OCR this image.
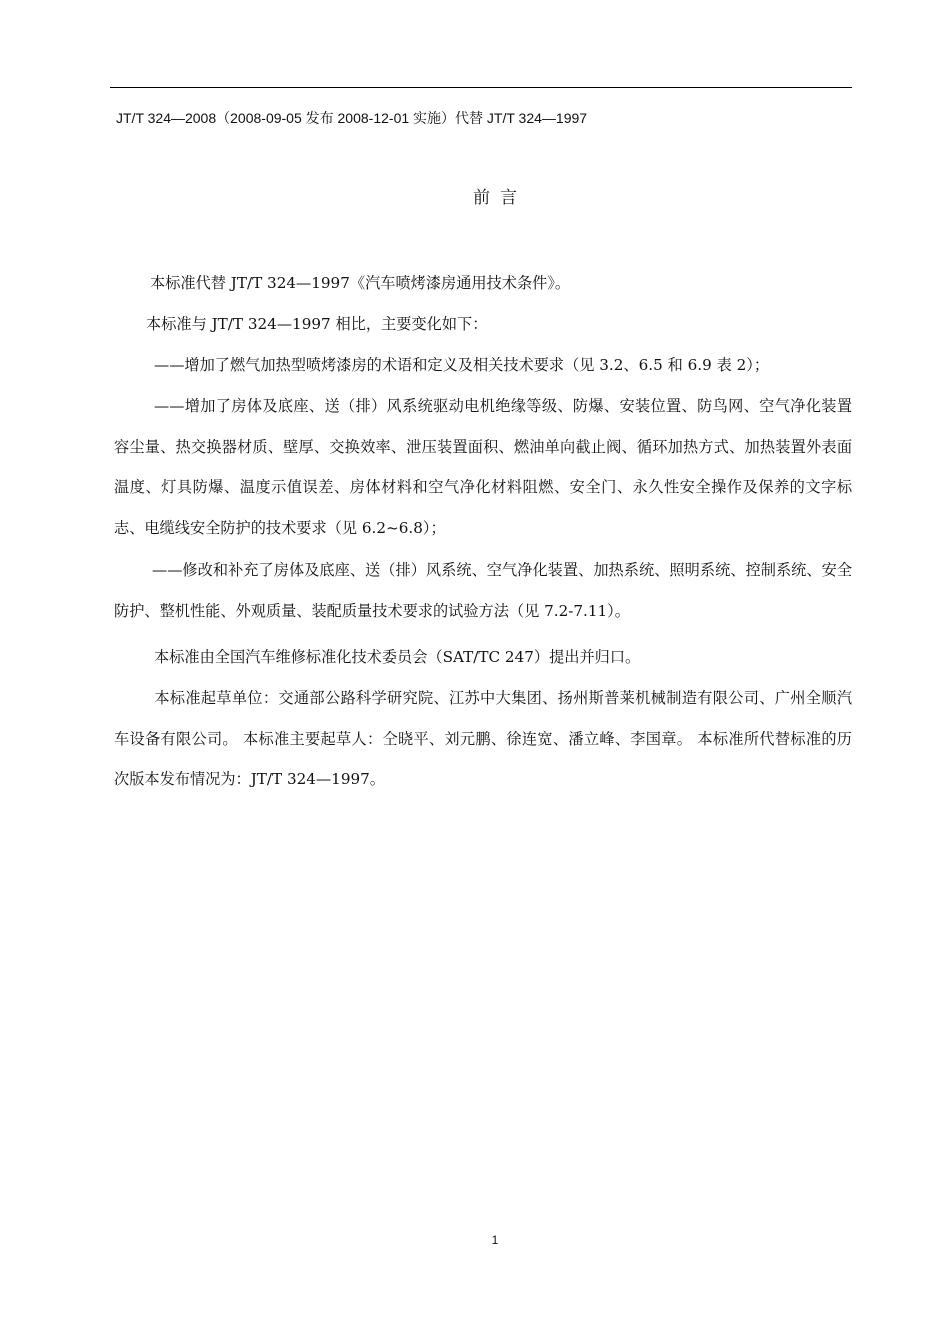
JT/T 324—2008（2008-09-05 发布 2008-12-01 实施）代替 JT/T 324—1997
前言

本标准代替 JT/T 324—1997《汽车喷烤漆房通用技术条件》。

本标准与 JT/T 324—1997 相比，主要变化如下：

——增加了燃气加热型喷烤漆房的术语和定义及相关技术要求（见 3.2、6.5 和 6.9 表 2）；

——增加了房体及底座、送（排）风系统驱动电机绝缘等级、防爆、安装位置、防鸟网、空气净化装置容尘量、热交换器材质、壁厚、交换效率、泄压装置面积、燃油单向截止阀、循环加热方式、加热装置外表面温度、灯具防爆、温度示值误差、房体材料和空气净化材料阻燃、安全门、永久性安全操作及保养的文字标志、电缆线安全防护的技术要求（见 6.2~6.8）；

——修改和补充了房体及底座、送（排）风系统、空气净化装置、加热系统、照明系统、控制系统、安全防护、整机性能、外观质量、装配质量技术要求的试验方法（见 7.2-7.11）。

本标准由全国汽车维修标准化技术委员会（SAT/TC 247）提出并归口。

本标准起草单位：交通部公路科学研究院、江苏中大集团、扬州斯普莱机械制造有限公司、广州全顺汽车设备有限公司。 本标准主要起草人：仝晓平、刘元鹏、徐连宽、潘立峰、李国章。 本标准所代替标准的历次版本发布情况为：JT/T 324—1997。

1
